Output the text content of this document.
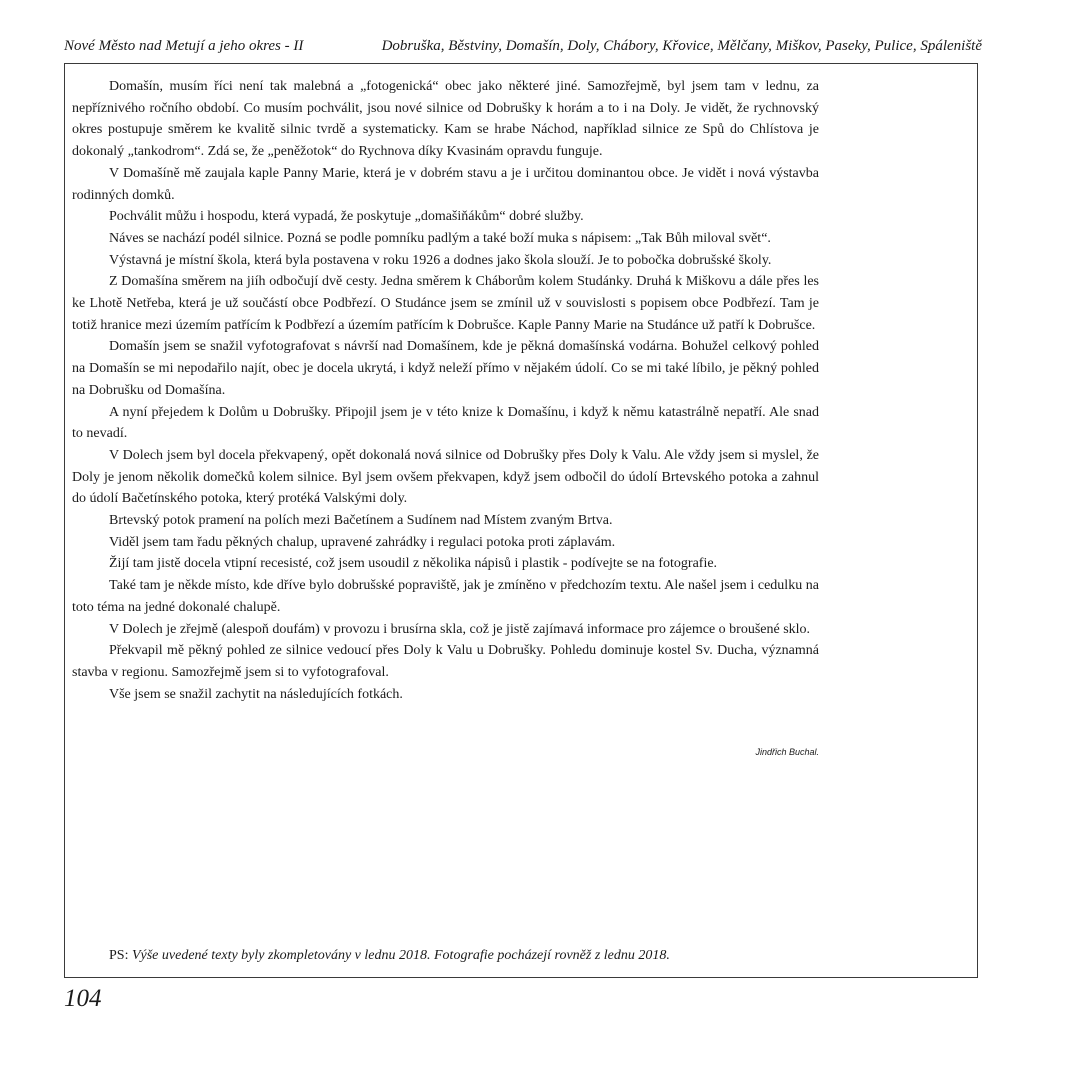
Nové Město nad Metují a jeho okres - II	Dobruška, Běstviny, Domašín, Doly, Chábory, Křovice, Mělčany, Miškov, Paseky, Pulice, Spáleniště

Domašín, musím říci není tak malebná a „fotogenická“ obec jako některé jiné. Samozřejmě, byl jsem tam v lednu, za nepříznivého ročního období. Co musím pochválit, jsou nové silnice od Dobrušky k horám a to i na Doly. Je vidět, že rychnovský okres postupuje směrem ke kvalitě silnic tvrdě a systematicky. Kam se hrabe Náchod, například silnice ze Spů do Chlístova je dokonalý „tankodrom“. Zdá se, že „peněžotok“ do Rychnova díky Kvasinám opravdu funguje.

V Domašíně mě zaujala kaple Panny Marie, která je v dobrém stavu a je i určitou dominantou obce. Je vidět i nová výstavba rodinných domků.

Pochválit můžu i hospodu, která vypadá, že poskytuje „domašiňákům“ dobré služby.

Náves se nachází podél silnice. Pozná se podle pomníku padlým a také boží muka s nápisem: „Tak Bůh miloval svět“.

Výstavná je místní škola, která byla postavena v roku 1926 a dodnes jako škola slouží. Je to pobočka dobrušské školy.

Z Domašína směrem na jiíh odbočují dvě cesty. Jedna směrem k Cháborům kolem Studánky. Druhá k Miškovu a dále přes les ke Lhotě Netřeba, která je už součástí obce Podbřezí. O Studánce jsem se zmínil už v souvislosti s popisem obce Podbřezí. Tam je totiž hranice mezi územím patřícím k Podbřezí a územím patřícím k Dobrušce. Kaple Panny Marie na Studánce už patří k Dobrušce.

Domašín jsem se snažil vyfotografovat s návrší nad Domašínem, kde je pěkná domašínská vodárna. Bohužel celkový pohled na Domašín se mi nepodařilo najít, obec je docela ukrytá, i když neleží přímo v nějakém údolí. Co se mi také líbilo, je pěkný pohled na Dobrušku od Domašína.

A nyní přejedem k Dolům u Dobrušky. Připojil jsem je v této knize k Domašínu, i když k němu katastrálně nepatří. Ale snad to nevadí.

V Dolech jsem byl docela překvapený, opět dokonalá nová silnice od Dobrušky přes Doly k Valu. Ale vždy jsem si myslel, že Doly je jenom několik domečků kolem silnice. Byl jsem ovšem překvapen, když jsem odbočil do údolí Brtevského potoka a zahnul do údolí Bačetínského potoka, který protéká Valskými doly.

Brtevský potok pramení na polích mezi Bačetínem a Sudínem nad Místem zvaným Brtva.

Viděl jsem tam řadu pěkných chalup, upravené zahrádky i regulaci potoka proti záplavám.

Žijí tam jistě docela vtipní recesisté, což jsem usoudil z několika nápisů i plastik - podívejte se na fotografie.

Také tam je někde místo, kde dříve bylo dobrušské popraviště, jak je zmíněno v předchozím textu. Ale našel jsem i cedulku na toto téma na jedné dokonalé chalupě.

V Dolech je zřejmě (alespoň doufám) v provozu i brusírna skla, což je jistě zajímavá informace pro zájemce o broušené sklo.

Překvapil mě pěkný pohled ze silnice vedoucí přes Doly k Valu u Dobrušky. Pohledu dominuje kostel Sv. Ducha, významná stavba v regionu. Samozřejmě jsem si to vyfotografoval.

Vše jsem se snažil zachytit na následujících fotkách.

Jindřich Buchal.
PS: Výše uvedené texty byly zkompletovány v lednu 2018. Fotografie pocházejí rovněž z lednu 2018.
104
